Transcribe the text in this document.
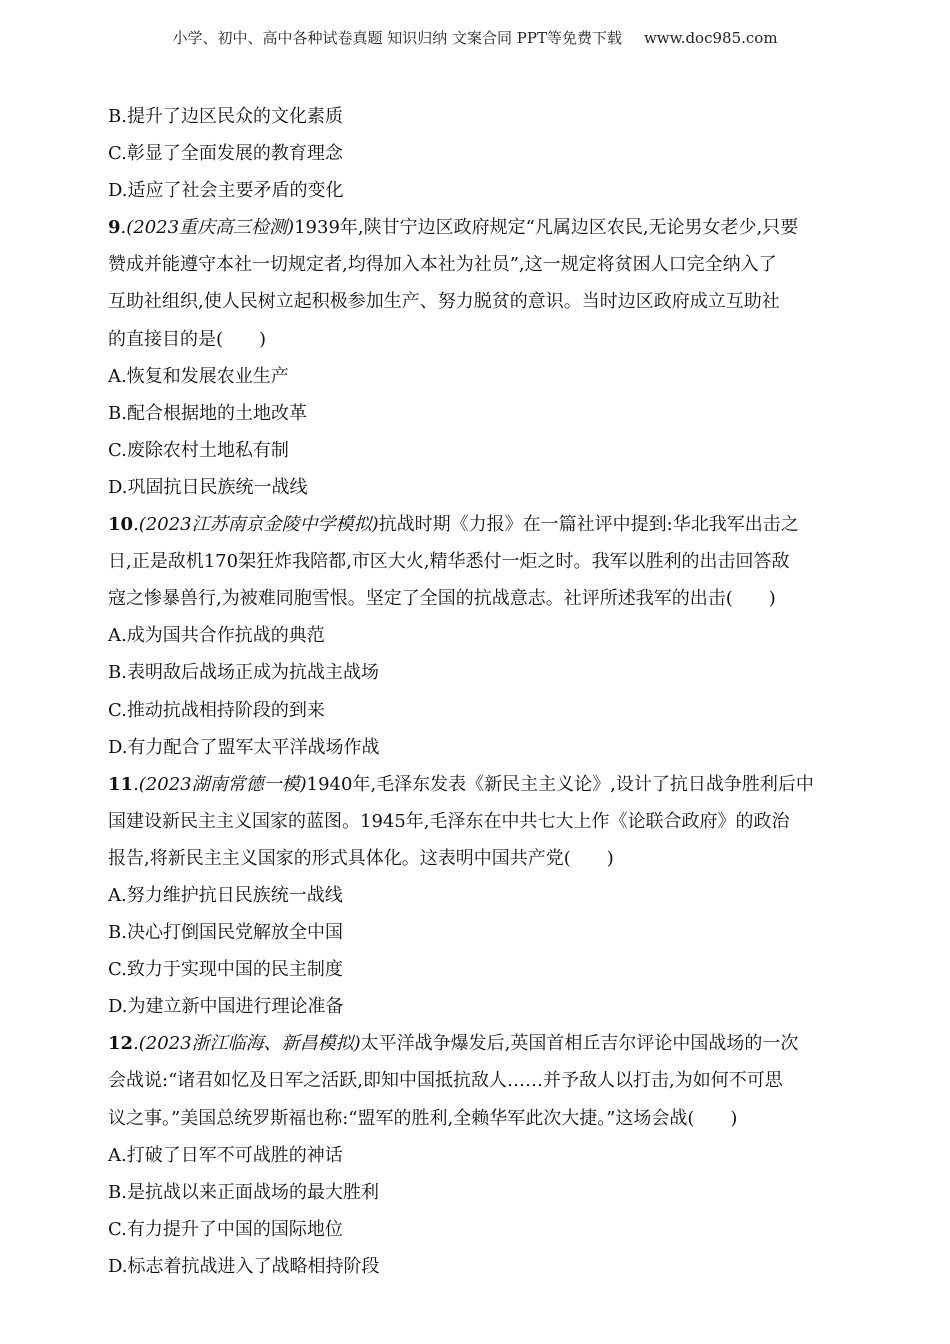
小学、初中、高中各种试卷真题 知识归纳 文案合同 PPT等免费下载 www.doc985.com
B.提升了边区民众的文化素质
C.彰显了全面发展的教育理念
D.适应了社会主要矛盾的变化
9.(2023重庆高三检测)1939年,陕甘宁边区政府规定“凡属边区农民,无论男女老少,只要
赞成并能遵守本社一切规定者,均得加入本社为社员”,这一规定将贫困人口完全纳入了
互助社组织,使人民树立起积极参加生产、努力脱贫的意识。当时边区政府成立互助社
的直接目的是( )
A.恢复和发展农业生产
B.配合根据地的土地改革
C.废除农村土地私有制
D.巩固抗日民族统一战线
10.(2023江苏南京金陵中学模拟)抗战时期《力报》在一篇社评中提到:华北我军出击之
日,正是敌机170架狂炸我陪都,市区大火,精华悉付一炬之时。我军以胜利的出击回答敌
寇之惨暴兽行,为被难同胞雪恨。坚定了全国的抗战意志。社评所述我军的出击( )
A.成为国共合作抗战的典范
B.表明敌后战场正成为抗战主战场
C.推动抗战相持阶段的到来
D.有力配合了盟军太平洋战场作战
11.(2023湖南常德一模)1940年,毛泽东发表《新民主主义论》,设计了抗日战争胜利后中
国建设新民主主义国家的蓝图。1945年,毛泽东在中共七大上作《论联合政府》的政治
报告,将新民主主义国家的形式具体化。这表明中国共产党( )
A.努力维护抗日民族统一战线
B.决心打倒国民党解放全中国
C.致力于实现中国的民主制度
D.为建立新中国进行理论准备
12.(2023浙江临海、新昌模拟)太平洋战争爆发后,英国首相丘吉尔评论中国战场的一次
会战说:“诸君如忆及日军之活跃,即知中国抵抗敌人……并予敌人以打击,为如何不可思
议之事。”美国总统罗斯福也称:“盟军的胜利,全赖华军此次大捷。”这场会战( )
A.打破了日军不可战胜的神话
B.是抗战以来正面战场的最大胜利
C.有力提升了中国的国际地位
D.标志着抗战进入了战略相持阶段
